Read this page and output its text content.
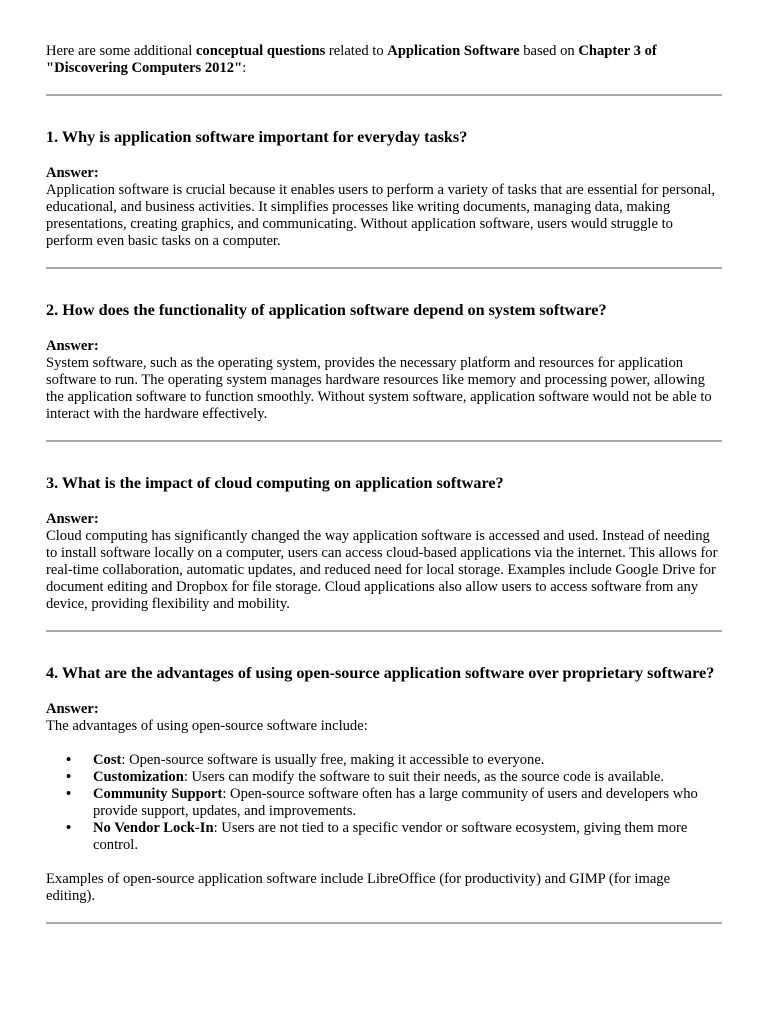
Here are some additional conceptual questions related to Application Software based on Chapter 3 of "Discovering Computers 2012":

1. Why is application software important for everyday tasks?

Answer:

Application software is crucial because it enables users to perform a variety of tasks that are essential for personal, educational, and business activities. It simplifies processes like writing documents, managing data, making presentations, creating graphics, and communicating. Without application software, users would struggle to perform even basic tasks on a computer.

2. How does the functionality of application software depend on system software?

Answer:

System software, such as the operating system, provides the necessary platform and resources for application software to run. The operating system manages hardware resources like memory and processing power, allowing the application software to function smoothly. Without system software, application software would not be able to interact with the hardware effectively.

3. What is the impact of cloud computing on application software?

Answer:

Cloud computing has significantly changed the way application software is accessed and used. Instead of needing to install software locally on a computer, users can access cloud-based applications via the internet. This allows for real-time collaboration, automatic updates, and reduced need for local storage. Examples include Google Drive for document editing and Dropbox for file storage. Cloud applications also allow users to access software from any device, providing flexibility and mobility.

4. What are the advantages of using open-source application software over proprietary software?

Answer:

The advantages of using open-source software include:

• Cost: Open-source software is usually free, making it accessible to everyone.
• Customization: Users can modify the software to suit their needs, as the source code is available.
• Community Support: Open-source software often has a large community of users and developers who provide support, updates, and improvements.
• No Vendor Lock-In: Users are not tied to a specific vendor or software ecosystem, giving them more control.

Examples of open-source application software include LibreOffice (for productivity) and GIMP (for image editing).
